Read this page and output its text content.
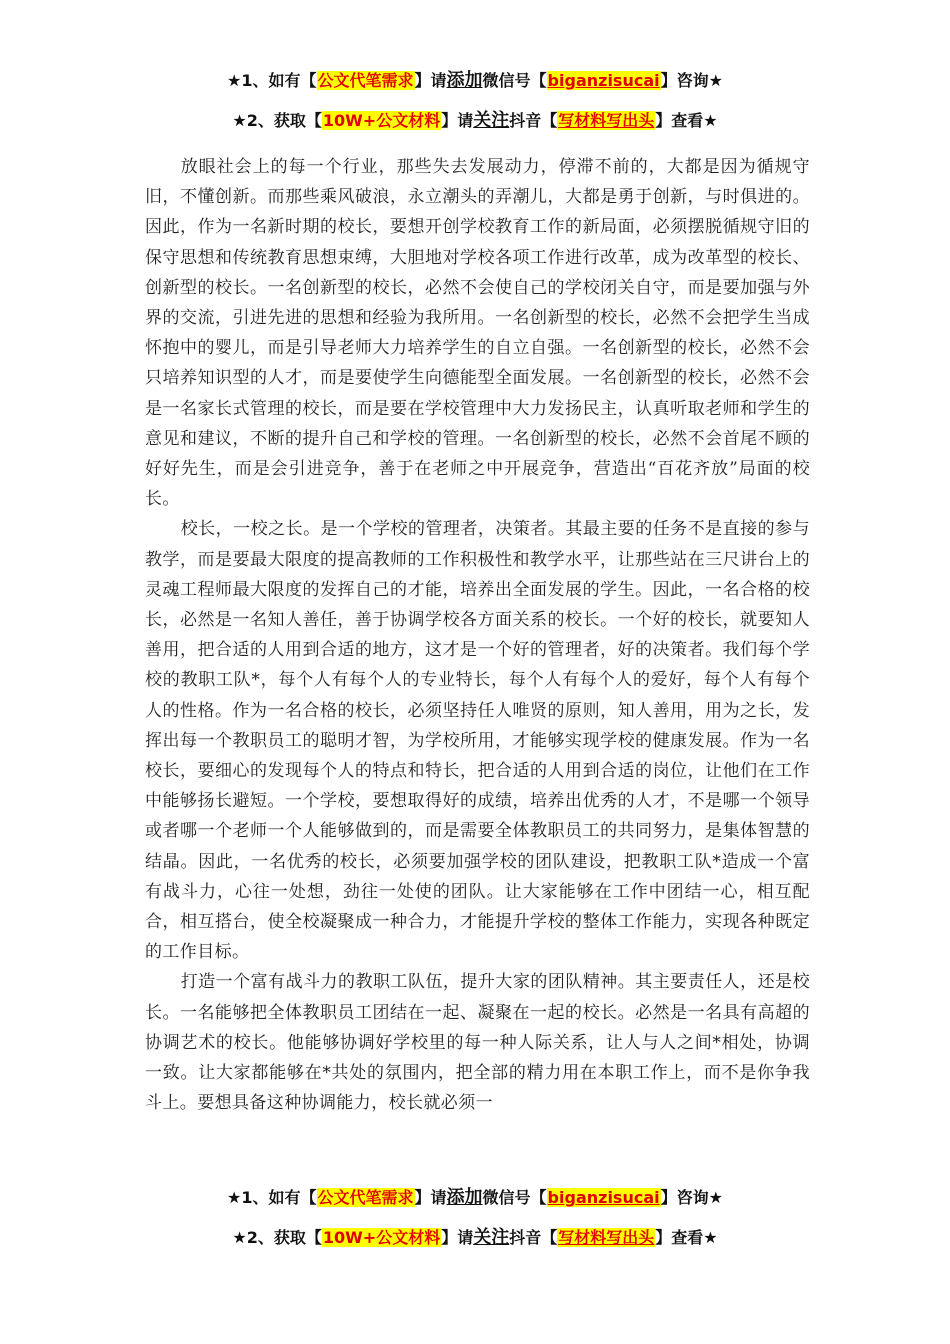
★1、如有【公文代笔需求】请添加微信号【biganzisucai】咨询★
★2、获取【10W+公文材料】请关注抖音【写材料写出头】查看★

放眼社会上的每一个行业，那些失去发展动力，停滞不前的，大都是因为循规守旧，不懂创新。而那些乘风破浪，永立潮头的弄潮儿，大都是勇于创新，与时俱进的。因此，作为一名新时期的校长，要想开创学校教育工作的新局面，必须摆脱循规守旧的保守思想和传统教育思想束缚，大胆地对学校各项工作进行改革，成为改革型的校长、创新型的校长。一名创新型的校长，必然不会使自己的学校闭关自守，而是要加强与外界的交流，引进先进的思想和经验为我所用。一名创新型的校长，必然不会把学生当成怀抱中的婴儿，而是引导老师大力培养学生的自立自强。一名创新型的校长，必然不会只培养知识型的人才，而是要使学生向德能型全面发展。一名创新型的校长，必然不会是一名家长式管理的校长，而是要在学校管理中大力发扬民主，认真听取老师和学生的意见和建议，不断的提升自己和学校的管理。一名创新型的校长，必然不会首尾不顾的好好先生，而是会引进竞争，善于在老师之中开展竞争，营造出“百花齐放”局面的校长。

校长，一校之长。是一个学校的管理者，决策者。其最主要的任务不是直接的参与教学，而是要最大限度的提高教师的工作积极性和教学水平，让那些站在三尺讲台上的灵魂工程师最大限度的发挥自己的才能，培养出全面发展的学生。因此，一名合格的校长，必然是一名知人善任，善于协调学校各方面关系的校长。一个好的校长，就要知人善用，把合适的人用到合适的地方，这才是一个好的管理者，好的决策者。我们每个学校的教职工队*，每个人有每个人的专业特长，每个人有每个人的爱好，每个人有每个人的性格。作为一名合格的校长，必须坚持任人唯贤的原则，知人善用，用为之长，发挥出每一个教职员工的聪明才智，为学校所用，才能够实现学校的健康发展。作为一名校长，要细心的发现每个人的特点和特长，把合适的人用到合适的岗位，让他们在工作中能够扬长避短。一个学校，要想取得好的成绩，培养出优秀的人才，不是哪一个领导或者哪一个老师一个人能够做到的，而是需要全体教职员工的共同努力，是集体智慧的结晶。因此，一名优秀的校长，必须要加强学校的团队建设，把教职工队*造成一个富有战斗力，心往一处想，劲往一处使的团队。让大家能够在工作中团结一心，相互配合，相互搭台，使全校凝聚成一种合力，才能提升学校的整体工作能力，实现各种既定的工作目标。

打造一个富有战斗力的教职工队伍，提升大家的团队精神。其主要责任人，还是校长。一名能够把全体教职员工团结在一起、凝聚在一起的校长。必然是一名具有高超的协调艺术的校长。他能够协调好学校里的每一种人际关系，让人与人之间*相处，协调一致。让大家都能够在*共处的氛围内，把全部的精力用在本职工作上，而不是你争我斗上。要想具备这种协调能力，校长就必须一

★1、如有【公文代笔需求】请添加微信号【biganzisucai】咨询★
★2、获取【10W+公文材料】请关注抖音【写材料写出头】查看★
